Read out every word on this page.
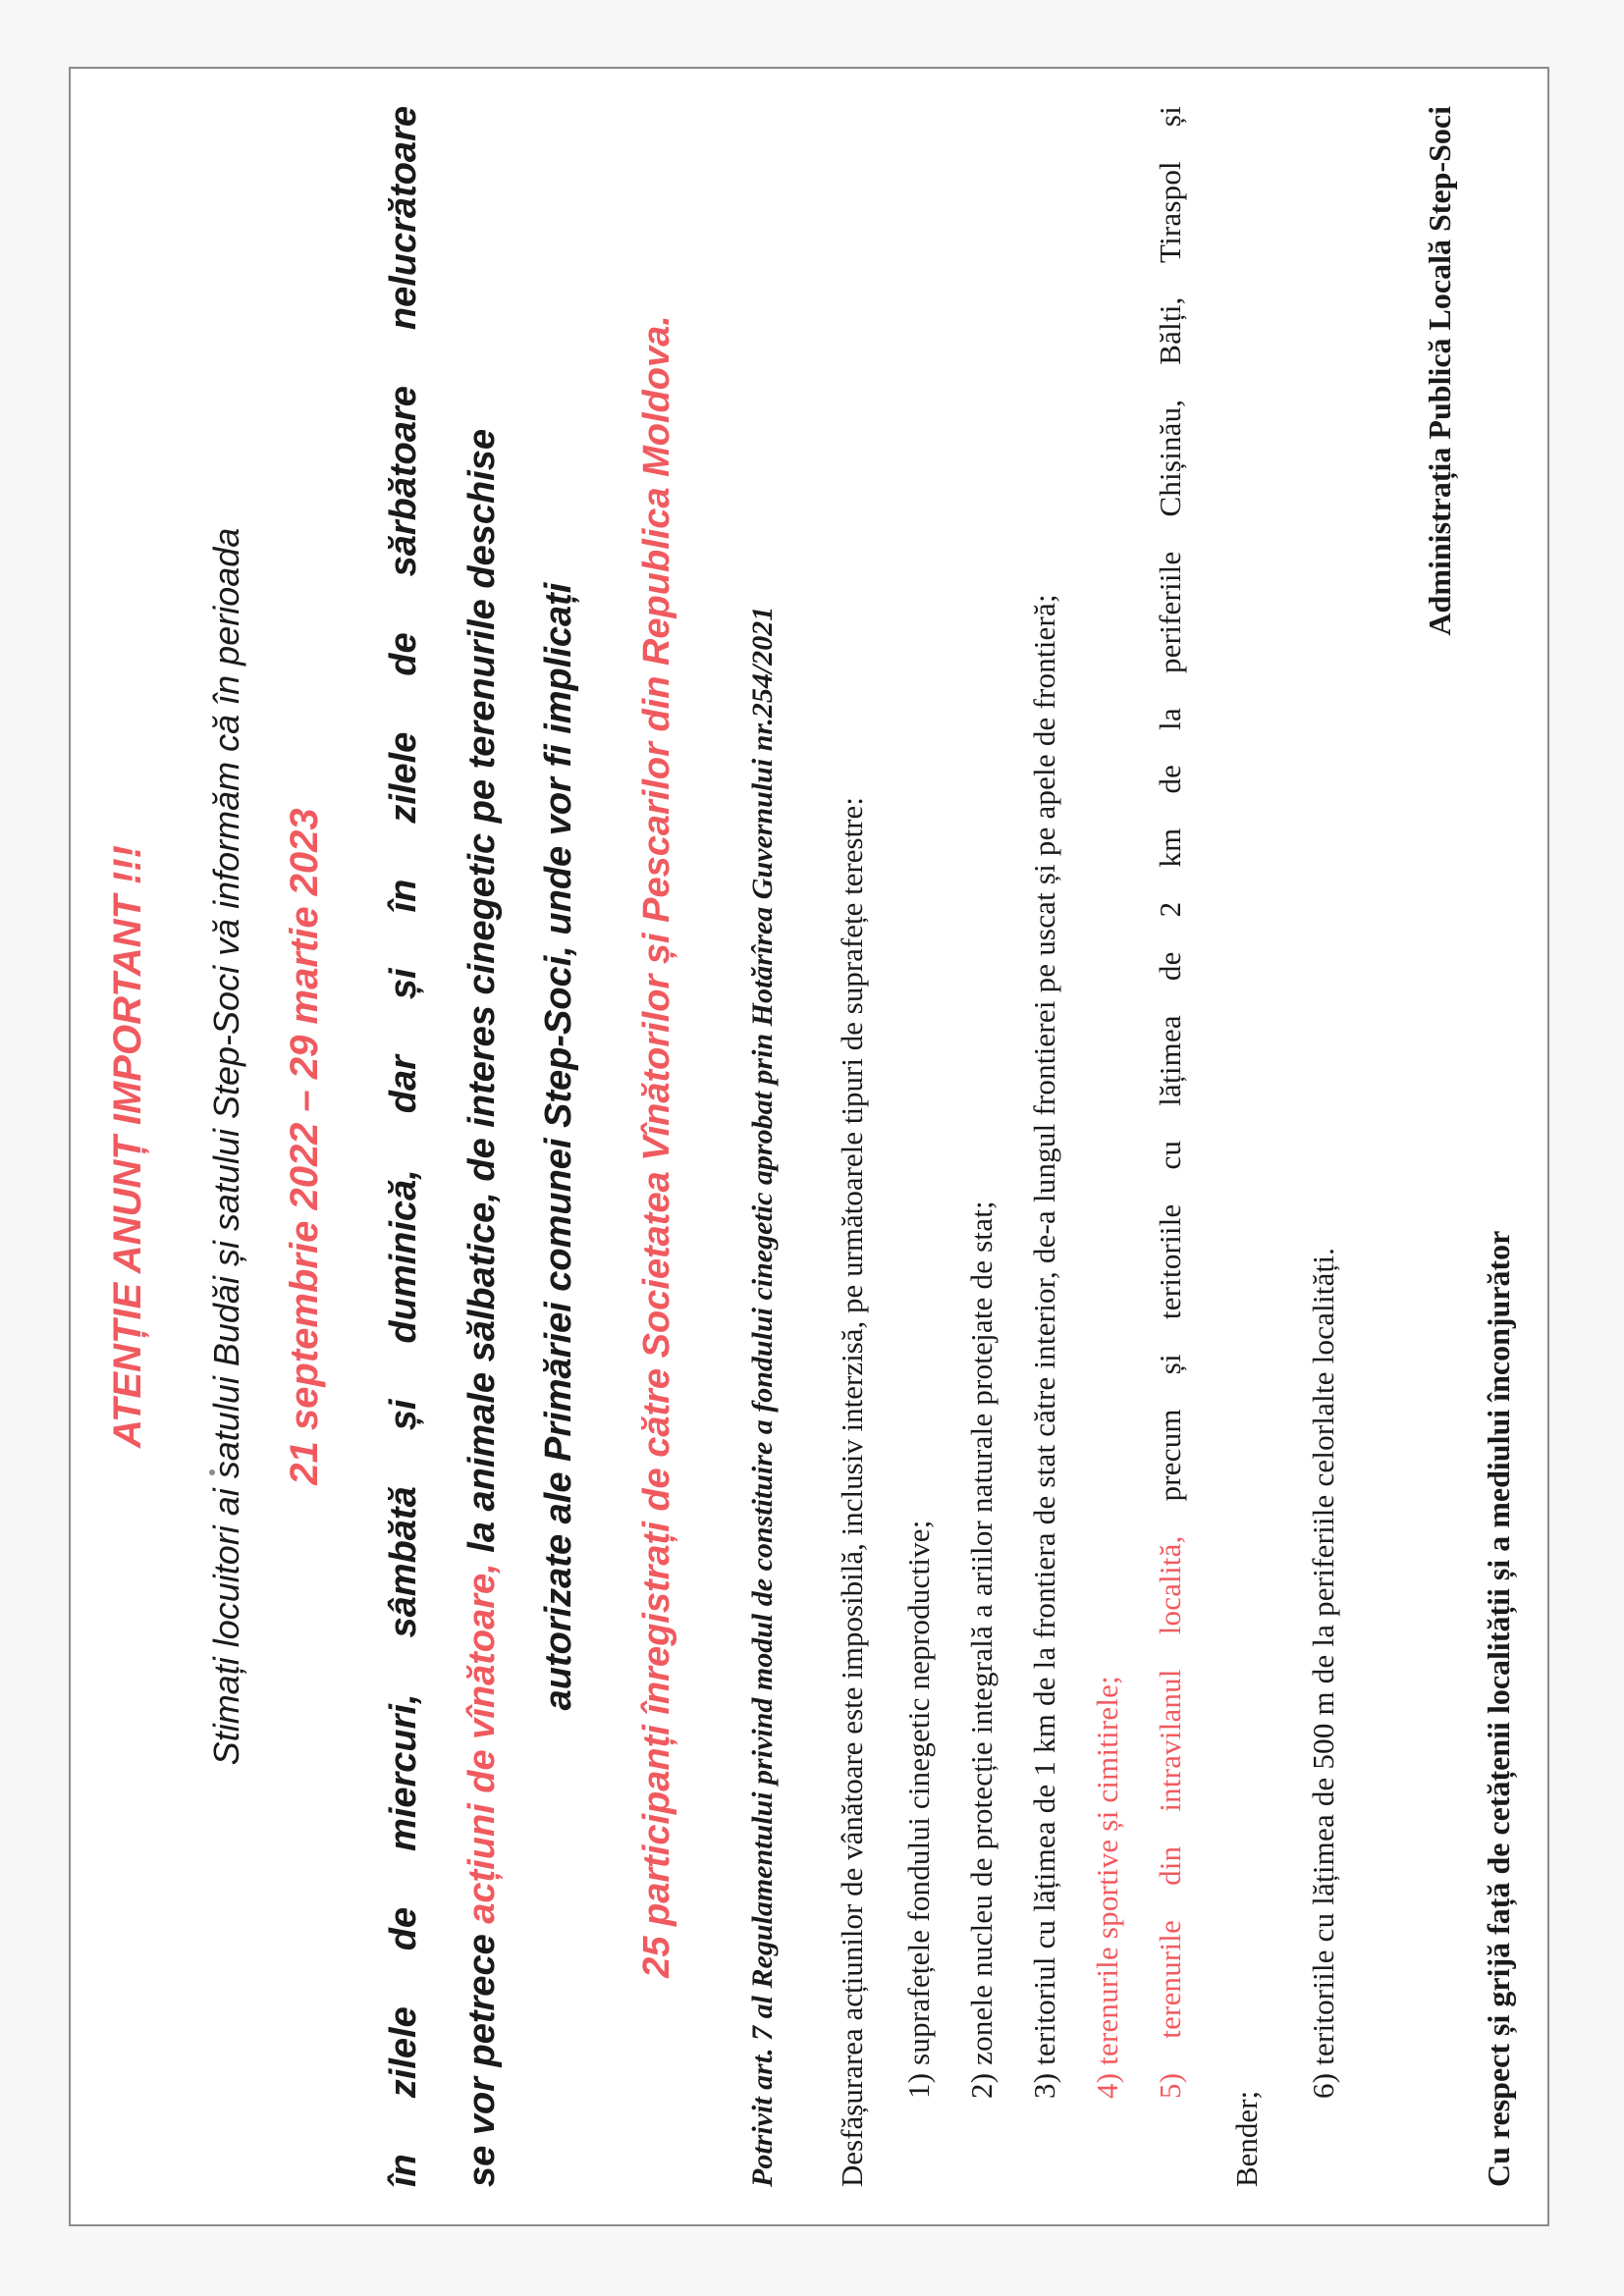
ATENȚIE ANUNȚ IMPORTANT !!! Stimați locuitori ai satului Budăi și satului Step-Soci vă informăm că în perioada 21 septembrie 2022 – 29 martie 2023 în zilele de miercuri, sâmbătă și duminică, dar și în zilele de sărbătoare nelucrătoare se vor petrece acțiuni de vînătoare, la animale sălbatice, de interes cinegetic pe terenurile deschise autorizate ale Primăriei comunei Step-Soci, unde vor fi implicați 25 participanți înregistrați de către Societatea Vînătorilor și Pescarilor din Republica Moldova. Potrivit art. 7 al Regulamentului privind modul de constituire a fondului cinegetic aprobat prin Hotărîrea Guvernului nr.254/2021 Desfășurarea acțiunilor de vânătoare este imposibilă, inclusiv interzisă, pe următoarele tipuri de suprafețe terestre: 1) suprafețele fondului cinegetic neproductive; 2) zonele nucleu de protecție integrală a ariilor naturale protejate de stat; 3) teritoriul cu lățimea de 1 km de la frontiera de stat către interior, de-a lungul frontierei pe uscat și pe apele de frontieră; 4) terenurile sportive și cimitirele; 5) terenurile din intravilanul localită, precum și teritoriile cu lățimea de 2 km de la periferiile Chișinău, Bălți, Tiraspol și
Bender;
6) teritoriile cu lățimea de 500 m de la periferiile celorlalte localități.
Administrația Publică Locală Step-Soci
Cu respect și grijă față de cetățenii localității și a mediului înconjurător
